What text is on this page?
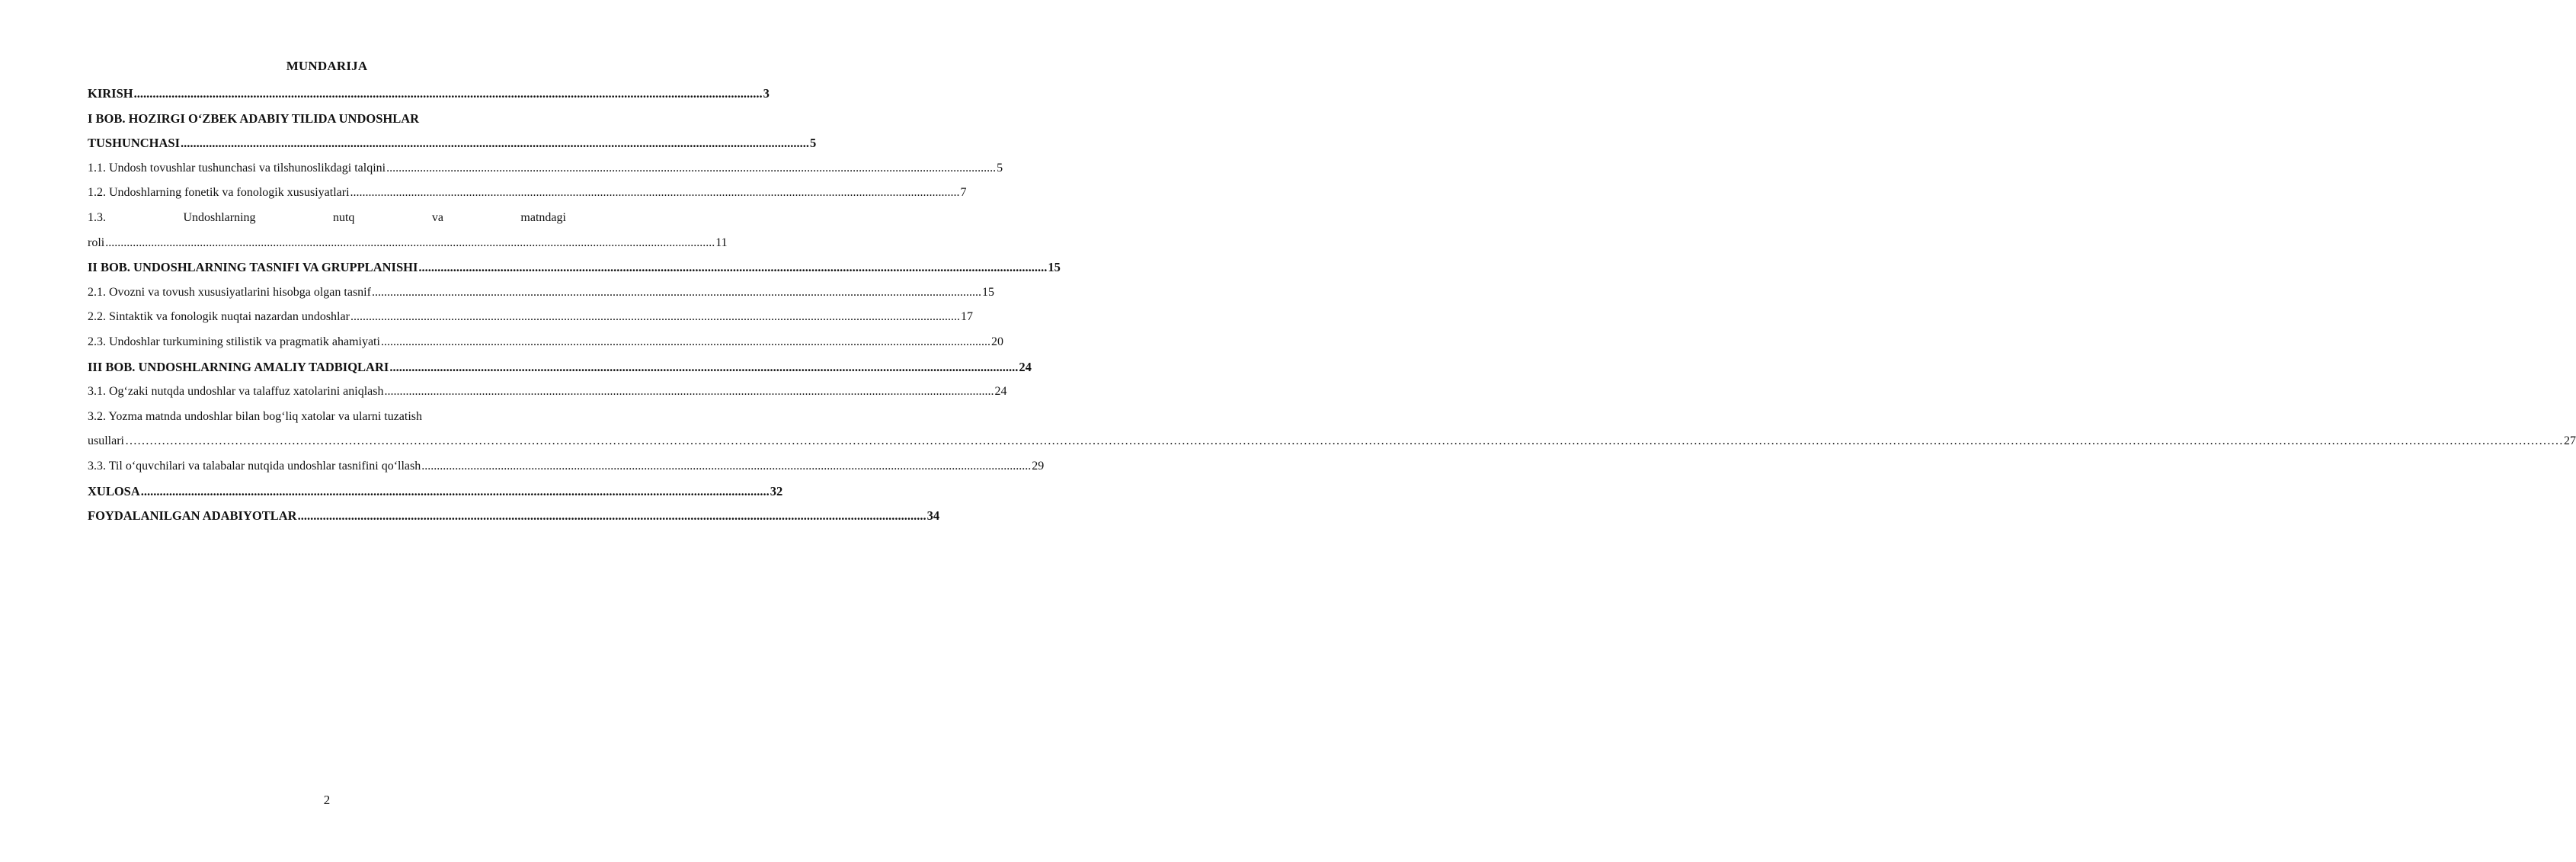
MUNDARIJA
KIRISH ........................................................................................................................................................................................................ 3
I BOB. HOZIRGI O‘ZBEK ADABIY TILIDA UNDOSHLAR
TUSHUNCHASI ........................................................................................................................................................................................................ 5
1.1. Undosh tovushlar tushunchasi va tilshunoslikdagi talqini ........................................................................................................................................................................................................ 5
1.2. Undoshlarning fonetik va fonologik xususiyatlari ........................................................................................................................................................................................................ 7
1.3.	Undoshlarning	nutq	va	matndagi
roli ........................................................................................................................................................................................................ 11
II BOB. UNDOSHLARNING TASNIFI VA GRUPPLANISHI ........................................................................................................................................................................................................ 15
2.1. Ovozni va tovush xususiyatlarini hisobga olgan tasnif ........................................................................................................................................................................................................ 15
2.2. Sintaktik va fonologik nuqtai nazardan undoshlar ........................................................................................................................................................................................................ 17
2.3. Undoshlar turkumining stilistik va pragmatik ahamiyati ........................................................................................................................................................................................................ 20
III BOB. UNDOSHLARNING AMALIY TADBIQLARI ........................................................................................................................................................................................................ 24
3.1. Og‘zaki nutqda undoshlar va talaffuz xatolarini aniqlash ........................................................................................................................................................................................................ 24
3.2. Yozma matnda undoshlar bilan bog‘liq xatolar va ularni tuzatish
usullari …………………………………………………………………………………………………………………………………………………………………………………………………………………………………………………………………………………………………………………………………………………………………………………………………………………………………………………………………………………………………………………………………………………… 27
3.3. Til o‘quvchilari va talabalar nutqida undoshlar tasnifini qo‘llash ........................................................................................................................................................................................................ 29
XULOSA ........................................................................................................................................................................................................ 32
FOYDALANILGAN ADABIYOTLAR ........................................................................................................................................................................................................ 34
2
